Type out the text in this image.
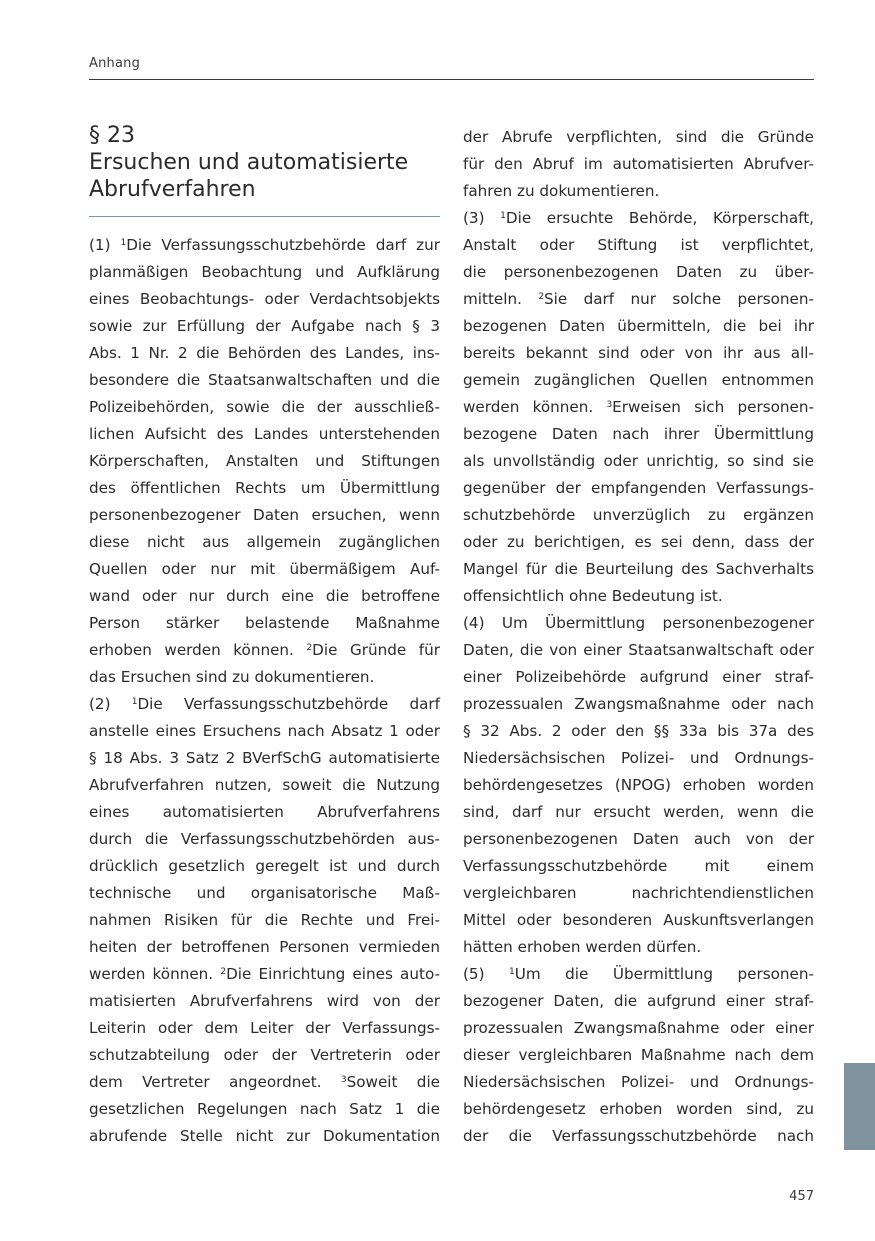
Anhang
§ 23
Ersuchen und automatisierte
Abrufverfahren
(1) $^1$Die Verfassungsschutzbehörde darf zur
planmäßigen Beobachtung und Aufklärung
eines Beobachtungs- oder Verdachtsobjekts
sowie zur Erfüllung der Aufgabe nach § 3
Abs. 1 Nr. 2 die Behörden des Landes, ins-
besondere die Staatsanwaltschaften und die
Polizeibehörden, sowie die der ausschließ-
lichen Aufsicht des Landes unterstehenden
Körperschaften, Anstalten und Stiftungen
des öffentlichen Rechts um Übermittlung
personenbezogener Daten ersuchen, wenn
diese nicht aus allgemein zugänglichen
Quellen oder nur mit übermäßigem Auf-
wand oder nur durch eine die betroffene
Person stärker belastende Maßnahme
erhoben werden können. $^2$Die Gründe für
das Ersuchen sind zu dokumentieren.
(2) $^1$Die Verfassungsschutzbehörde darf
anstelle eines Ersuchens nach Absatz 1 oder
§ 18 Abs. 3 Satz 2 BVerfSchG automatisierte
Abrufverfahren nutzen, soweit die Nutzung
eines automatisierten Abrufverfahrens
durch die Verfassungsschutzbehörden aus-
drücklich gesetzlich geregelt ist und durch
technische und organisatorische Maß-
nahmen Risiken für die Rechte und Frei-
heiten der betroffenen Personen vermieden
werden können. $^2$Die Einrichtung eines auto-
matisierten Abrufverfahrens wird von der
Leiterin oder dem Leiter der Verfassungs-
schutzabteilung oder der Vertreterin oder
dem Vertreter angeordnet. $^3$Soweit die
gesetzlichen Regelungen nach Satz 1 die
abrufende Stelle nicht zur Dokumentation
der Abrufe verpflichten, sind die Gründe
für den Abruf im automatisierten Abrufver-
fahren zu dokumentieren.
(3) $^1$Die ersuchte Behörde, Körperschaft,
Anstalt oder Stiftung ist verpflichtet,
die personenbezogenen Daten zu über-
mitteln. $^2$Sie darf nur solche personen-
bezogenen Daten übermitteln, die bei ihr
bereits bekannt sind oder von ihr aus all-
gemein zugänglichen Quellen entnommen
werden können. $^3$Erweisen sich personen-
bezogene Daten nach ihrer Übermittlung
als unvollständig oder unrichtig, so sind sie
gegenüber der empfangenden Verfassungs-
schutzbehörde unverzüglich zu ergänzen
oder zu berichtigen, es sei denn, dass der
Mangel für die Beurteilung des Sachverhalts
offensichtlich ohne Bedeutung ist.
(4) Um Übermittlung personenbezogener
Daten, die von einer Staatsanwaltschaft oder
einer Polizeibehörde aufgrund einer straf-
prozessualen Zwangsmaßnahme oder nach
§ 32 Abs. 2 oder den §§ 33a bis 37a des
Niedersächsischen Polizei- und Ordnungs-
behördengesetzes (NPOG) erhoben worden
sind, darf nur ersucht werden, wenn die
personenbezogenen Daten auch von der
Verfassungsschutzbehörde mit einem
vergleichbaren nachrichtendienstlichen
Mittel oder besonderen Auskunftsverlangen
hätten erhoben werden dürfen.
(5) $^1$Um die Übermittlung personen-
bezogener Daten, die aufgrund einer straf-
prozessualen Zwangsmaßnahme oder einer
dieser vergleichbaren Maßnahme nach dem
Niedersächsischen Polizei- und Ordnungs-
behördengesetz erhoben worden sind, zu
der die Verfassungsschutzbehörde nach
457
